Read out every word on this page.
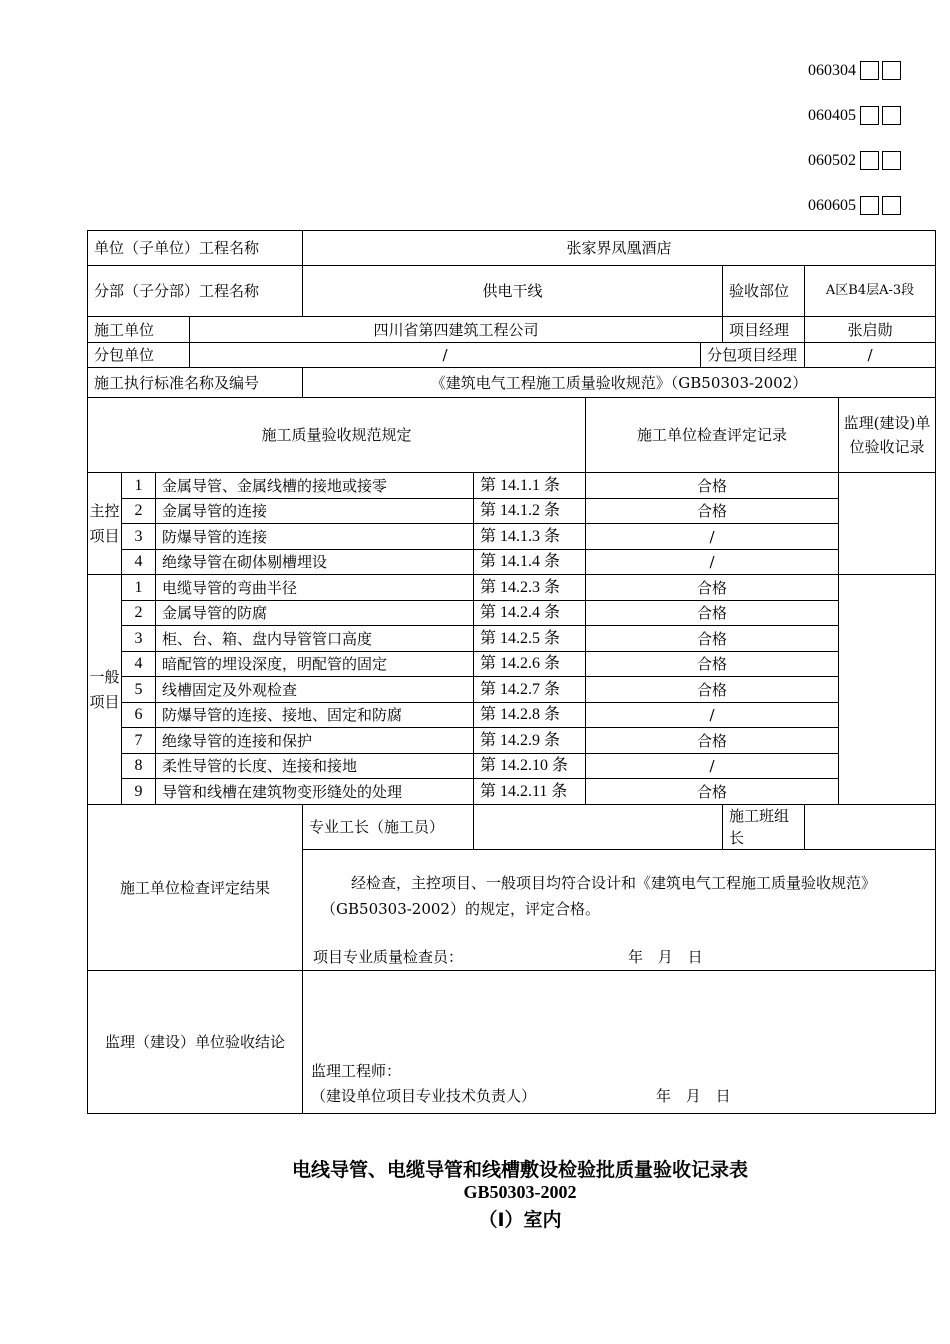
060304
060405
060502
060605
单位（子单位）工程名称				张家界凤凰酒店						
分部（子分部）工程名称				供电干线				验收部位	A区B4层A-3段	
施工单位			四川省第四建筑工程公司					项目经理	张启勋	
分包单位			/				分包项目经理		/	
施工执行标准名称及编号				《建筑电气工程施工质量验收规范》（GB50303-2002）						
施工质量验收规范规定						施工单位检查评定记录				监理(建设)单位验收记录
主控项目	1	金属导管、金属线槽的接地或接零			第 14.1.1 条	合格				
	2	金属导管的连接			第 14.1.2 条	合格				
	3	防爆导管的连接			第 14.1.3 条	/				
	4	绝缘导管在砌体剔槽埋设			第 14.1.4 条	/				
一般项目	1	电缆导管的弯曲半径			第 14.2.3 条	合格				
	2	金属导管的防腐			第 14.2.4 条	合格				
	3	柜、台、箱、盘内导管管口高度			第 14.2.5 条	合格				
	4	暗配管的埋设深度，明配管的固定			第 14.2.6 条	合格				
	5	线槽固定及外观检查			第 14.2.7 条	合格				
	6	防爆导管的连接、接地、固定和防腐			第 14.2.8 条	/				
	7	绝缘导管的连接和保护			第 14.2.9 条	合格				
	8	柔性导管的长度、连接和接地			第 14.2.10 条	/				
	9	导管和线槽在建筑物变形缝处的处理			第 14.2.11 条	合格				
施工单位检查评定结果				专业工长（施工员）				施工班组长		

				经检查，主控项目、一般项目均符合设计和《建筑电气工程施工质量验收规范》（GB50303-2002）的规定，评定合格。
项目专业质量检查员： 年 月 日						

监理（建设）单位验收结论				监理工程师：
（建设单位项目专业技术负责人） 年 月 日						
电线导管、电缆导管和线槽敷设检验批质量验收记录表
GB50303-2002
（Ⅰ）室内
